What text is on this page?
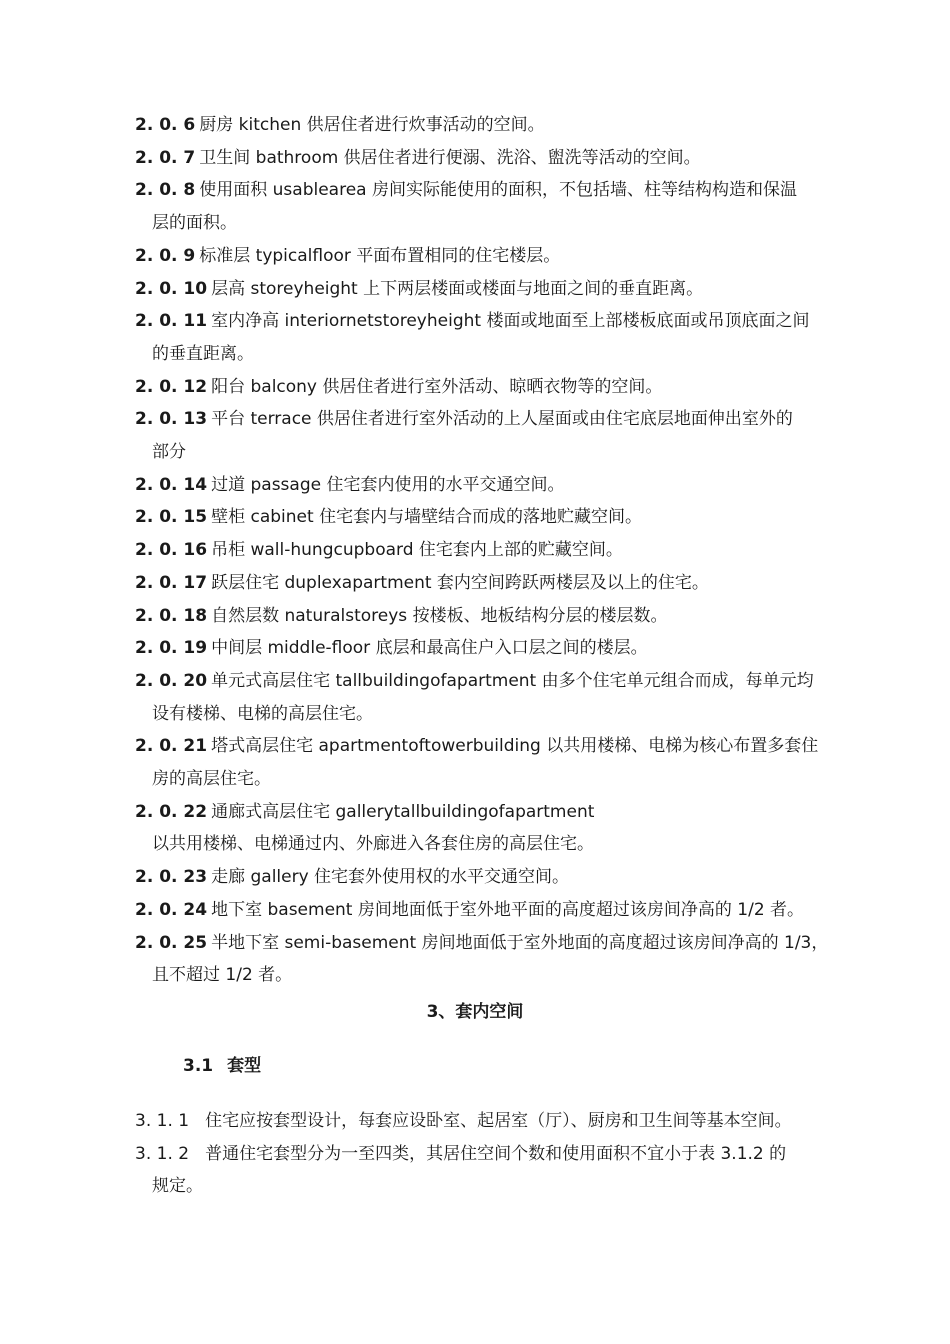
2. 0. 6 厨房 kitchen 供居住者进行炊事活动的空间。
2. 0. 7 卫生间 bathroom 供居住者进行便溺、洗浴、盥洗等活动的空间。
2. 0. 8 使用面积 usablearea 房间实际能使用的面积，不包括墙、柱等结构构造和保温
层的面积。
2. 0. 9 标准层 typicalfloor 平面布置相同的住宅楼层。
2. 0. 10 层高 storeyheight 上下两层楼面或楼面与地面之间的垂直距离。
2. 0. 11 室内净高 interiornetstoreyheight 楼面或地面至上部楼板底面或吊顶底面之间
的垂直距离。
2. 0. 12 阳台 balcony 供居住者进行室外活动、晾晒衣物等的空间。
2. 0. 13 平台 terrace 供居住者进行室外活动的上人屋面或由住宅底层地面伸出室外的
部分
2. 0. 14 过道 passage 住宅套内使用的水平交通空间。
2. 0. 15 壁柜 cabinet 住宅套内与墙壁结合而成的落地贮藏空间。
2. 0. 16 吊柜 wall-hungcupboard 住宅套内上部的贮藏空间。
2. 0. 17 跃层住宅 duplexapartment 套内空间跨跃两楼层及以上的住宅。
2. 0. 18 自然层数 naturalstoreys 按楼板、地板结构分层的楼层数。
2. 0. 19 中间层 middle-floor 底层和最高住户入口层之间的楼层。
2. 0. 20 单元式高层住宅 tallbuildingofapartment 由多个住宅单元组合而成，每单元均
设有楼梯、电梯的高层住宅。
2. 0. 21 塔式高层住宅 apartmentoftowerbuilding 以共用楼梯、电梯为核心布置多套住
房的高层住宅。
2. 0. 22 通廊式高层住宅 gallerytallbuildingofapartment
以共用楼梯、电梯通过内、外廊进入各套住房的高层住宅。
2. 0. 23 走廊 gallery 住宅套外使用权的水平交通空间。
2. 0. 24 地下室 basement 房间地面低于室外地平面的高度超过该房间净高的 1/2 者。
2. 0. 25 半地下室 semi-basement 房间地面低于室外地面的高度超过该房间净高的 1/3，
且不超过 1/2 者。
3、套内空间
3.1 套型
3. 1. 1 住宅应按套型设计，每套应设卧室、起居室（厅）、厨房和卫生间等基本空间。
3. 1. 2 普通住宅套型分为一至四类，其居住空间个数和使用面积不宜小于表 3.1.2 的
规定。
